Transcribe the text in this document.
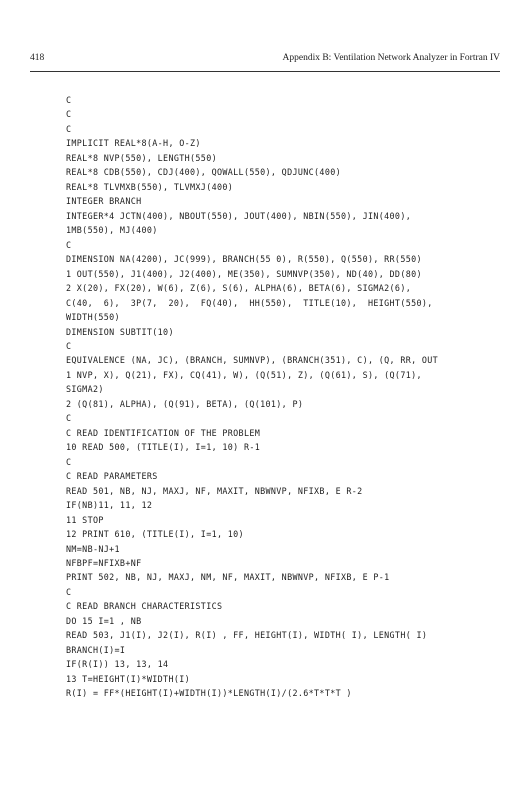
418	Appendix B: Ventilation Network Analyzer in Fortran IV
C
C
C
IMPLICIT REAL*8(A-H, O-Z)
REAL*8 NVP(550), LENGTH(550)
REAL*8 CDB(550), CDJ(400), QOWALL(550), QDJUNC(400)
REAL*8 TLVMXB(550), TLVMXJ(400)
INTEGER BRANCH
INTEGER*4 JCTN(400), NBOUT(550), JOUT(400), NBIN(550), JIN(400),
1MB(550), MJ(400)
C
DIMENSION NA(4200), JC(999), BRANCH(55 0), R(550), Q(550), RR(550)
1 OUT(550), J1(400), J2(400), ME(350), SUMNVP(350), ND(40), DD(80)
2 X(20), FX(20), W(6), Z(6), S(6), ALPHA(6), BETA(6), SIGMA2(6),
C(40,  6),  3P(7,  20),  FQ(40),  HH(550),  TITLE(10),  HEIGHT(550),
WIDTH(550)
DIMENSION SUBTIT(10)
C
EQUIVALENCE (NA, JC), (BRANCH, SUMNVP), (BRANCH(351), C), (Q, RR, OUT
1 NVP, X), Q(21), FX), CQ(41), W), (Q(51), Z), (Q(61), S), (Q(71),
SIGMA2)
2 (Q(81), ALPHA), (Q(91), BETA), (Q(101), P)
C
C READ IDENTIFICATION OF THE PROBLEM
10 READ 500, (TITLE(I), I=1, 10) R-1
C
C READ PARAMETERS
READ 501, NB, NJ, MAXJ, NF, MAXIT, NBWNVP, NFIXB, E R-2
IF(NB)11, 11, 12
11 STOP
12 PRINT 610, (TITLE(I), I=1, 10)
NM=NB-NJ+1
NFBPF=NFIXB+NF
PRINT 502, NB, NJ, MAXJ, NM, NF, MAXIT, NBWNVP, NFIXB, E P-1
C
C READ BRANCH CHARACTERISTICS
DO 15 I=1 , NB
READ 503, J1(I), J2(I), R(I) , FF, HEIGHT(I), WIDTH( I), LENGTH( I)
BRANCH(I)=I
IF(R(I)) 13, 13, 14
13 T=HEIGHT(I)*WIDTH(I)
R(I) = FF*(HEIGHT(I)+WIDTH(I))*LENGTH(I)/(2.6*T*T*T )
